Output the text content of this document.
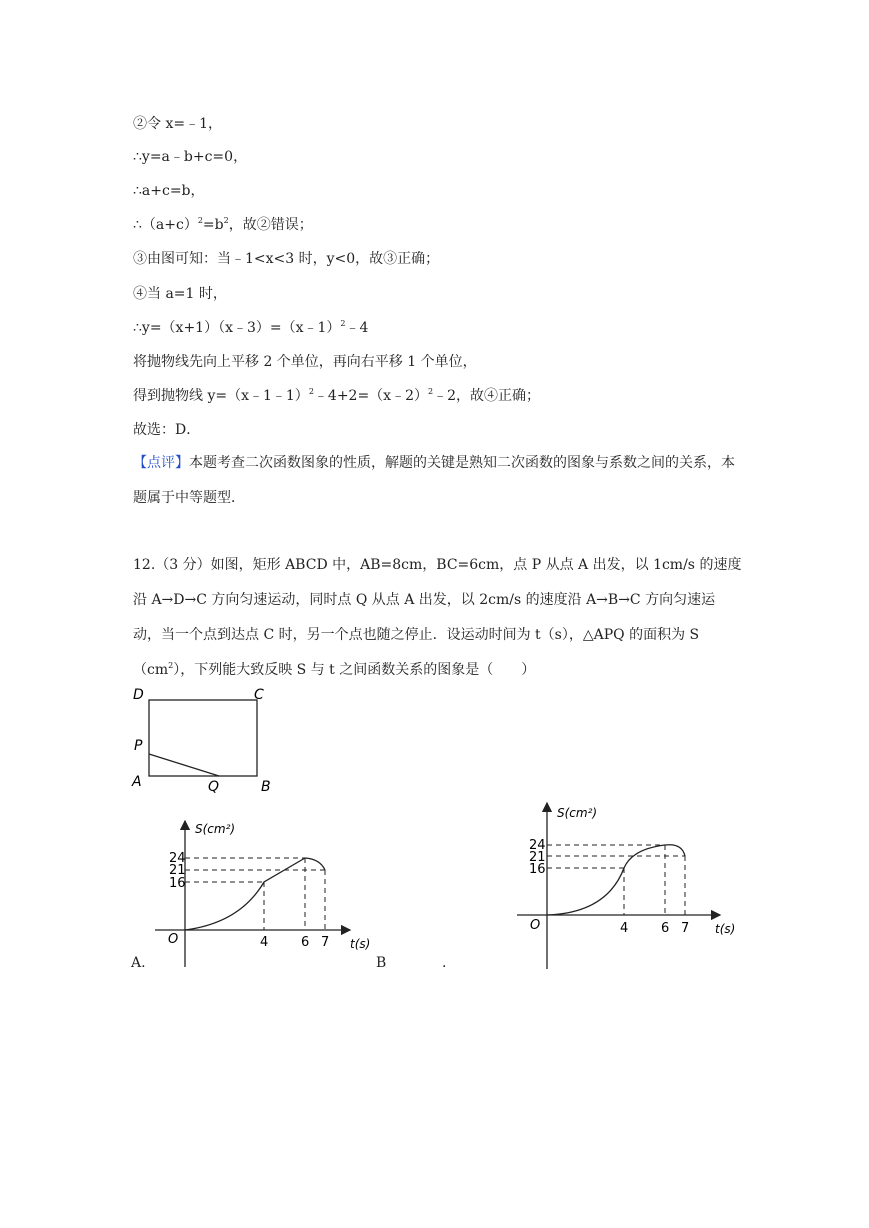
②令 x=﹣1，
∴y=a﹣b+c=0，
∴a+c=b，
$\therefore(a+c)^2=b^2$，故②错误；
③由图可知：当﹣1<x<3 时，y<0，故③正确；
④当 a=1 时，
∴y=（x+1）（x﹣3）=（x﹣1）$^2$﹣4
将抛物线先向上平移 2 个单位，再向右平移 1 个单位，
得到抛物线 y=（x﹣1﹣1）$^2$﹣4+2=（x﹣2）$^2$﹣2，故④正确；
故选：D．
【点评】本题考查二次函数图象的性质，解题的关键是熟知二次函数的图象与系数之间的关系，本题属于中等题型．
12.（3 分）如图，矩形 ABCD 中，AB=8cm，BC=6cm，点 P 从点 A 出发，以 1cm/s 的速度沿 A→D→C 方向匀速运动，同时点 Q 从点 A 出发，以 2cm/s 的速度沿 A→B→C 方向匀速运动，当一个点到达点 C 时，另一个点也随之停止．设运动时间为 t（s），△APQ 的面积为 $S(cm^2)$，下列能大致反映 S 与 t 之间函数关系的图象是（　　）
D	C
P
A	Q	B
S(cm²)
t(s)
O
24
21
16
4	6 7
S(cm²)
t(s)
O
24
21
16
4	6 7
A.	B	.
